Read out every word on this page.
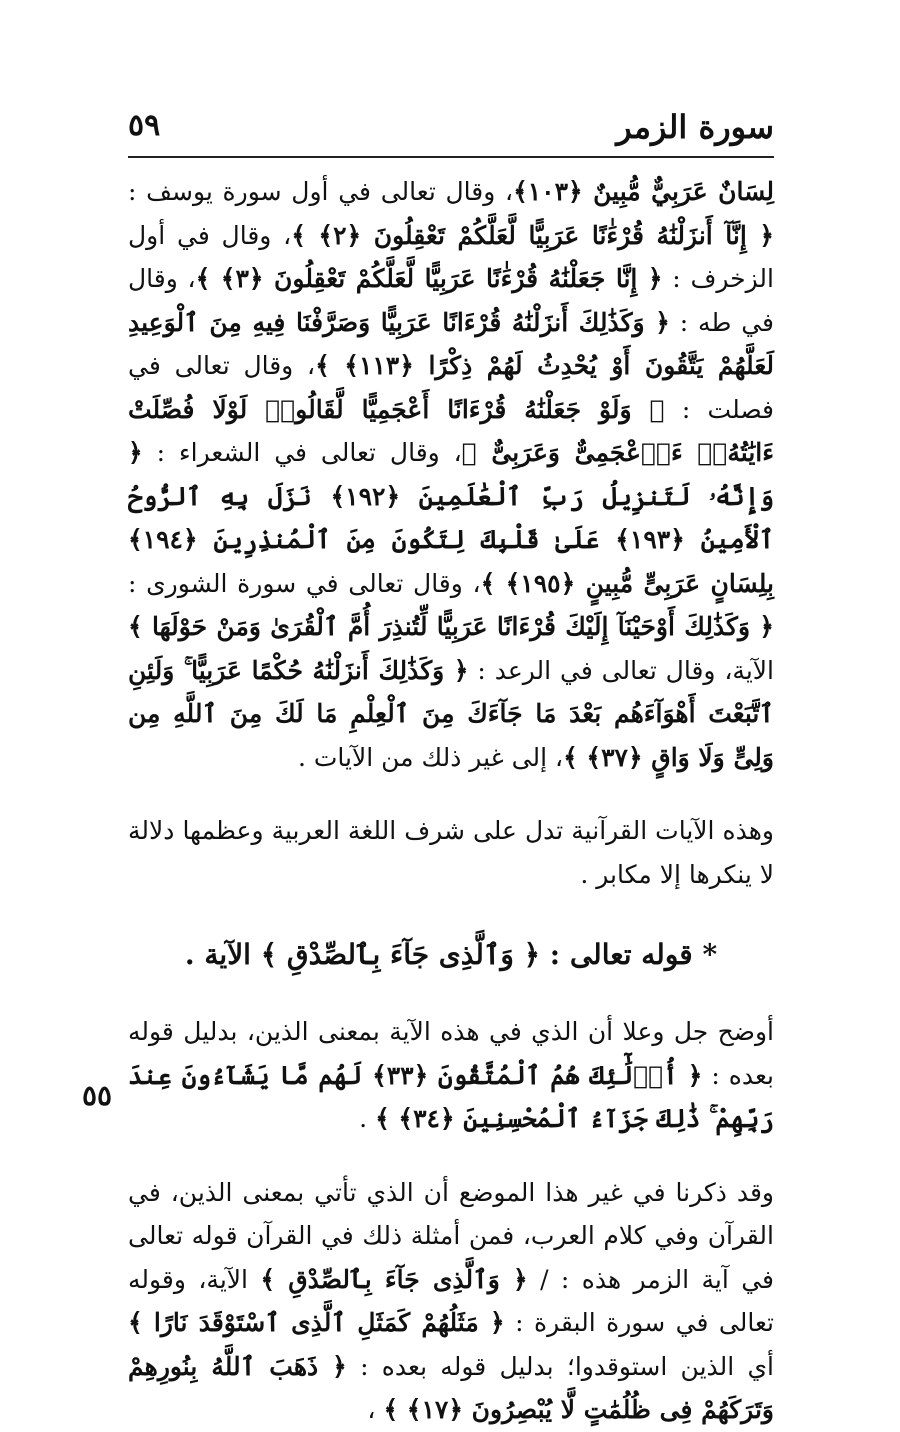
سورة الزمر
٥٩

لِسَانٌ عَرَبِيٌّ مُّبِينٌ ﴿١٠٣﴾، وقال تعالى في أول سورة يوسف : ﴿ إِنَّآ أَنزَلْنَٰهُ قُرْءَٰنًا عَرَبِيًّا لَّعَلَّكُمْ تَعْقِلُونَ ﴿٢﴾ ﴾، وقال في أول الزخرف : ﴿ إِنَّا جَعَلْنَٰهُ قُرْءَٰنًا عَرَبِيًّا لَّعَلَّكُمْ تَعْقِلُونَ ﴿٣﴾ ﴾، وقال في طه : ﴿ وَكَذَٰلِكَ أَنزَلْنَٰهُ قُرْءَانًا عَرَبِيًّا وَصَرَّفْنَا فِيهِ مِنَ ٱلْوَعِيدِ لَعَلَّهُمْ يَتَّقُونَ أَوْ يُحْدِثُ لَهُمْ ذِكْرًا ﴿١١٣﴾ ﴾، وقال تعالى في فصلت : ﴿ وَلَوْ جَعَلْنَٰهُ قُرْءَانًا أَعْجَمِيًّا لَّقَالُوا۟ لَوْلَا فُصِّلَتْ ءَايَٰتُهُۥٓ ءَا۬عْجَمِىٌّ وَعَرَبِىٌّ ﴾، وقال تعالى في الشعراء : ﴿ وَإِنَّهُۥ لَتَنزِيلُ رَبِّ ٱلْعَٰلَمِينَ ﴿١٩٢﴾ نَزَلَ بِهِ ٱلرُّوحُ ٱلْأَمِينُ ﴿١٩٣﴾ عَلَىٰ قَلْبِكَ لِتَكُونَ مِنَ ٱلْمُنذِرِينَ ﴿١٩٤﴾ بِلِسَانٍ عَرَبِىٍّ مُّبِينٍ ﴿١٩٥﴾ ﴾، وقال تعالى في سورة الشورى : ﴿ وَكَذَٰلِكَ أَوْحَيْنَآ إِلَيْكَ قُرْءَانًا عَرَبِيًّا لِّتُنذِرَ أُمَّ ٱلْقُرَىٰ وَمَنْ حَوْلَهَا ﴾ الآية، وقال تعالى في الرعد : ﴿ وَكَذَٰلِكَ أَنزَلْنَٰهُ حُكْمًا عَرَبِيًّا ۚ وَلَئِنِ ٱتَّبَعْتَ أَهْوَآءَهُم بَعْدَ مَا جَآءَكَ مِنَ ٱلْعِلْمِ مَا لَكَ مِنَ ٱللَّهِ مِن وَلِىٍّ وَلَا وَاقٍ ﴿٣٧﴾ ﴾، إلى غير ذلك من الآيات .

وهذه الآيات القرآنية تدل على شرف اللغة العربية وعظمها دلالة لا ينكرها إلا مكابر .

* قوله تعالى : ﴿ وَٱلَّذِى جَآءَ بِٱلصِّدْقِ ﴾ الآية .

أوضح جل وعلا أن الذي في هذه الآية بمعنى الذين، بدليل قوله بعده : ﴿ أُو۟لَٰٓئِكَ هُمُ ٱلْمُتَّقُونَ ﴿٣٣﴾ لَهُم مَّا يَشَآءُونَ عِندَ رَبِّهِمْ ۚ ذَٰلِكَ جَزَآءُ ٱلْمُحْسِنِينَ ﴿٣٤﴾ ﴾ .

وقد ذكرنا في غير هذا الموضع أن الذي تأتي بمعنى الذين، في القرآن وفي كلام العرب، فمن أمثلة ذلك في القرآن قوله تعالى في آية الزمر هذه : / ﴿ وَٱلَّذِى جَآءَ بِٱلصِّدْقِ ﴾ الآية، وقوله تعالى في سورة البقرة : ﴿ مَثَلُهُمْ كَمَثَلِ ٱلَّذِى ٱسْتَوْقَدَ نَارًا ﴾ أي الذين استوقدوا؛ بدليل قوله بعده : ﴿ ذَهَبَ ٱللَّهُ بِنُورِهِمْ وَتَرَكَهُمْ فِى ظُلُمَٰتٍ لَّا يُبْصِرُونَ ﴿١٧﴾ ﴾ ،

٥٥
